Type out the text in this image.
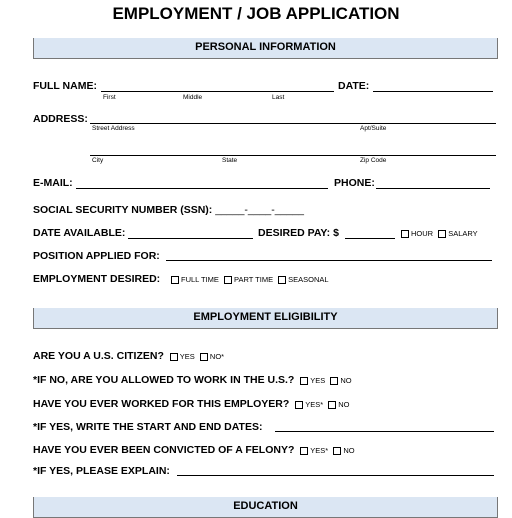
EMPLOYMENT / JOB APPLICATION
PERSONAL INFORMATION
FULL NAME:
First	Middle	Last
DATE:
ADDRESS:
Street Address	Apt/Suite
City	State	Zip Code
E-MAIL:	PHONE:
SOCIAL SECURITY NUMBER (SSN): _____-____-_____
DATE AVAILABLE:	DESIRED PAY: $	HOUR SALARY
POSITION APPLIED FOR:
EMPLOYMENT DESIRED:	FULL TIME PART TIME SEASONAL
EMPLOYMENT ELIGIBILITY
ARE YOU A U.S. CITIZEN? YES NO*
*IF NO, ARE YOU ALLOWED TO WORK IN THE U.S.? YES NO
HAVE YOU EVER WORKED FOR THIS EMPLOYER? YES* NO
*IF YES, WRITE THE START AND END DATES:
HAVE YOU EVER BEEN CONVICTED OF A FELONY? YES* NO
*IF YES, PLEASE EXPLAIN:
EDUCATION
